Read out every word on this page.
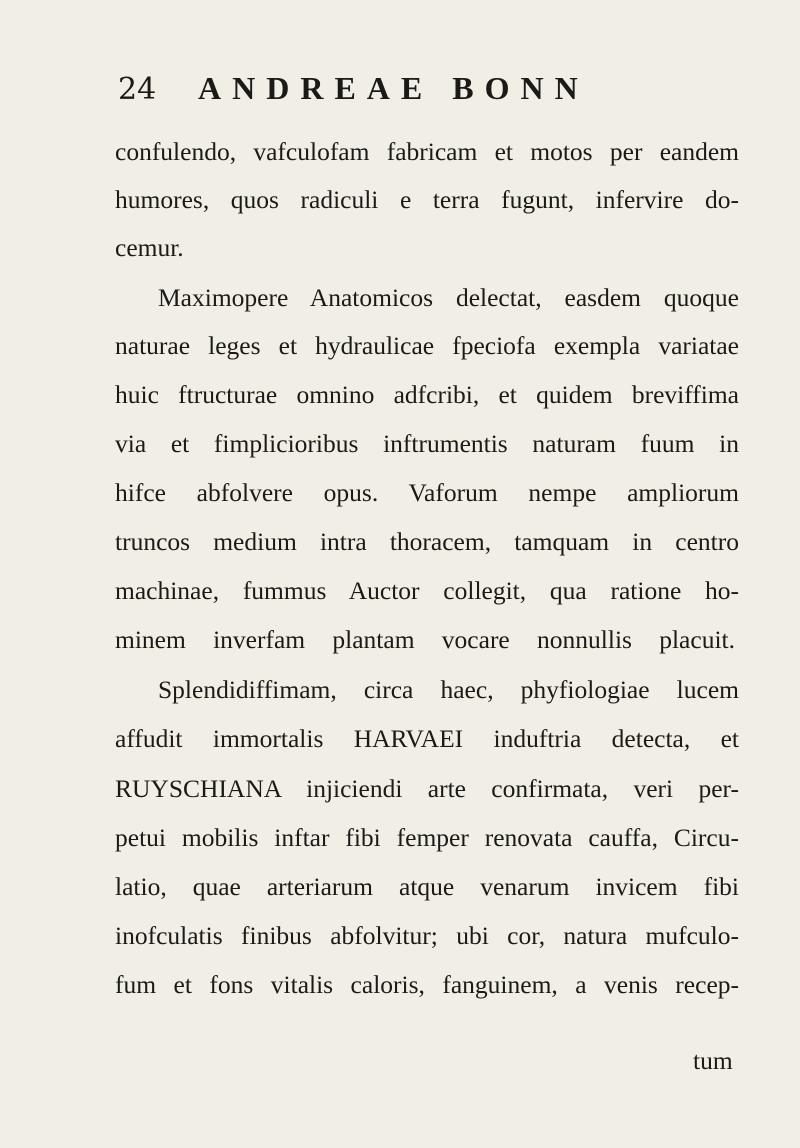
24 ANDREAE BONN
confulendo, vafculofam fabricam et motos per eandem
humores, quos radiculi e terra fugunt, infervire do-
cemur.
Maximopere Anatomicos delectat, easdem quoque
naturae leges et hydraulicae fpeciofa exempla variatae
huic ftructurae omnino adfcribi, et quidem breviffima
via et fimplicioribus inftrumentis naturam fuum in
hifce abfolvere opus. Vaforum nempe ampliorum
truncos medium intra thoracem, tamquam in centro
machinae, fummus Auctor collegit, qua ratione ho-
minem inverfam plantam vocare nonnullis placuit.
Splendidiffimam, circa haec, phyfiologiae lucem
affudit immortalis HARVAEI induftria detecta, et
RUYSCHIANA injiciendi arte confirmata, veri per-
petui mobilis inftar fibi femper renovata cauffa, Circu-
latio, quae arteriarum atque venarum invicem fibi
inofculatis finibus abfolvitur; ubi cor, natura mufculo-
fum et fons vitalis caloris, fanguinem, a venis recep-
tum
